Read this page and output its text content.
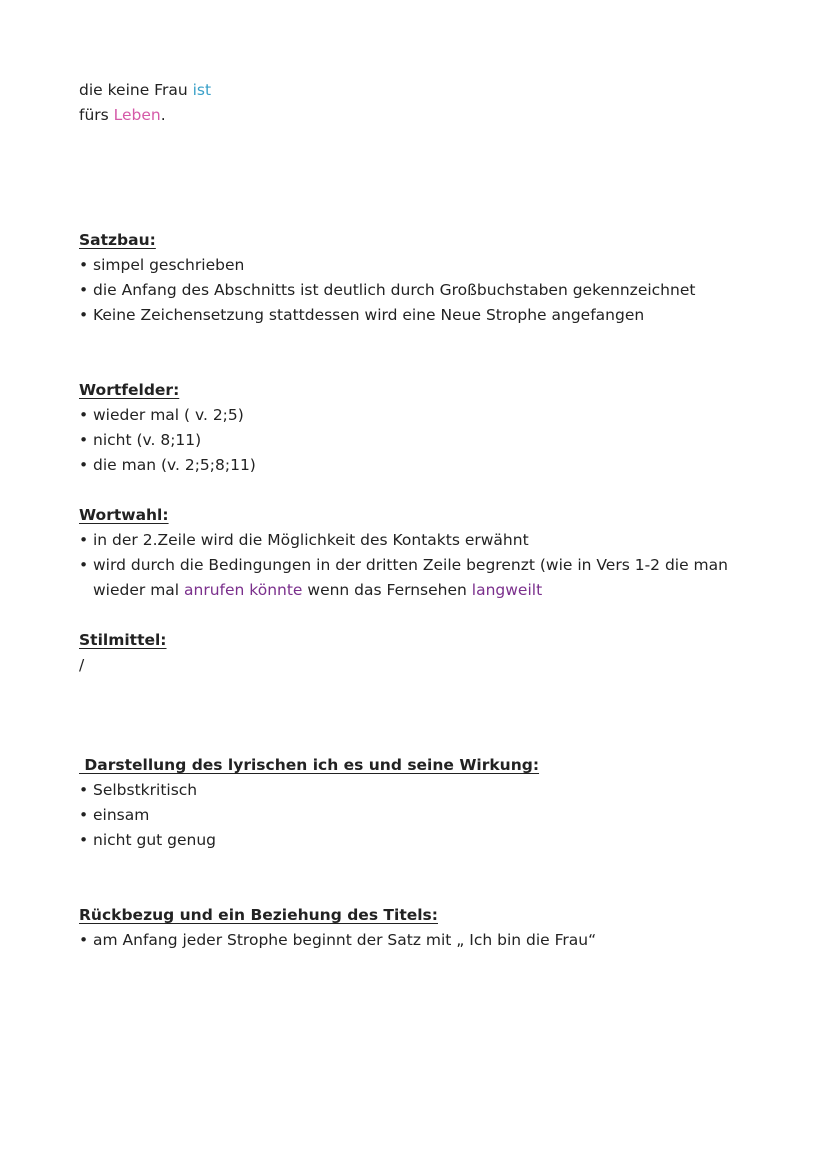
die keine Frau ist
fürs Leben.
Satzbau:
• simpel geschrieben
• die Anfang des Abschnitts ist deutlich durch Großbuchstaben gekennzeichnet
• Keine Zeichensetzung stattdessen wird eine Neue Strophe angefangen
Wortfelder:
• wieder mal ( v. 2;5)
• nicht (v. 8;11)
• die man (v. 2;5;8;11)
Wortwahl:
• in der 2.Zeile wird die Möglichkeit des Kontakts erwähnt
• wird durch die Bedingungen in der dritten Zeile begrenzt (wie in Vers 1-2 die man
wieder mal anrufen könnte wenn das Fernsehen langweilt
Stilmittel:
/
Darstellung des lyrischen ich es und seine Wirkung:
• Selbstkritisch
• einsam
• nicht gut genug
Rückbezug und ein Beziehung des Titels:
• am Anfang jeder Strophe beginnt der Satz mit „ Ich bin die Frau“
